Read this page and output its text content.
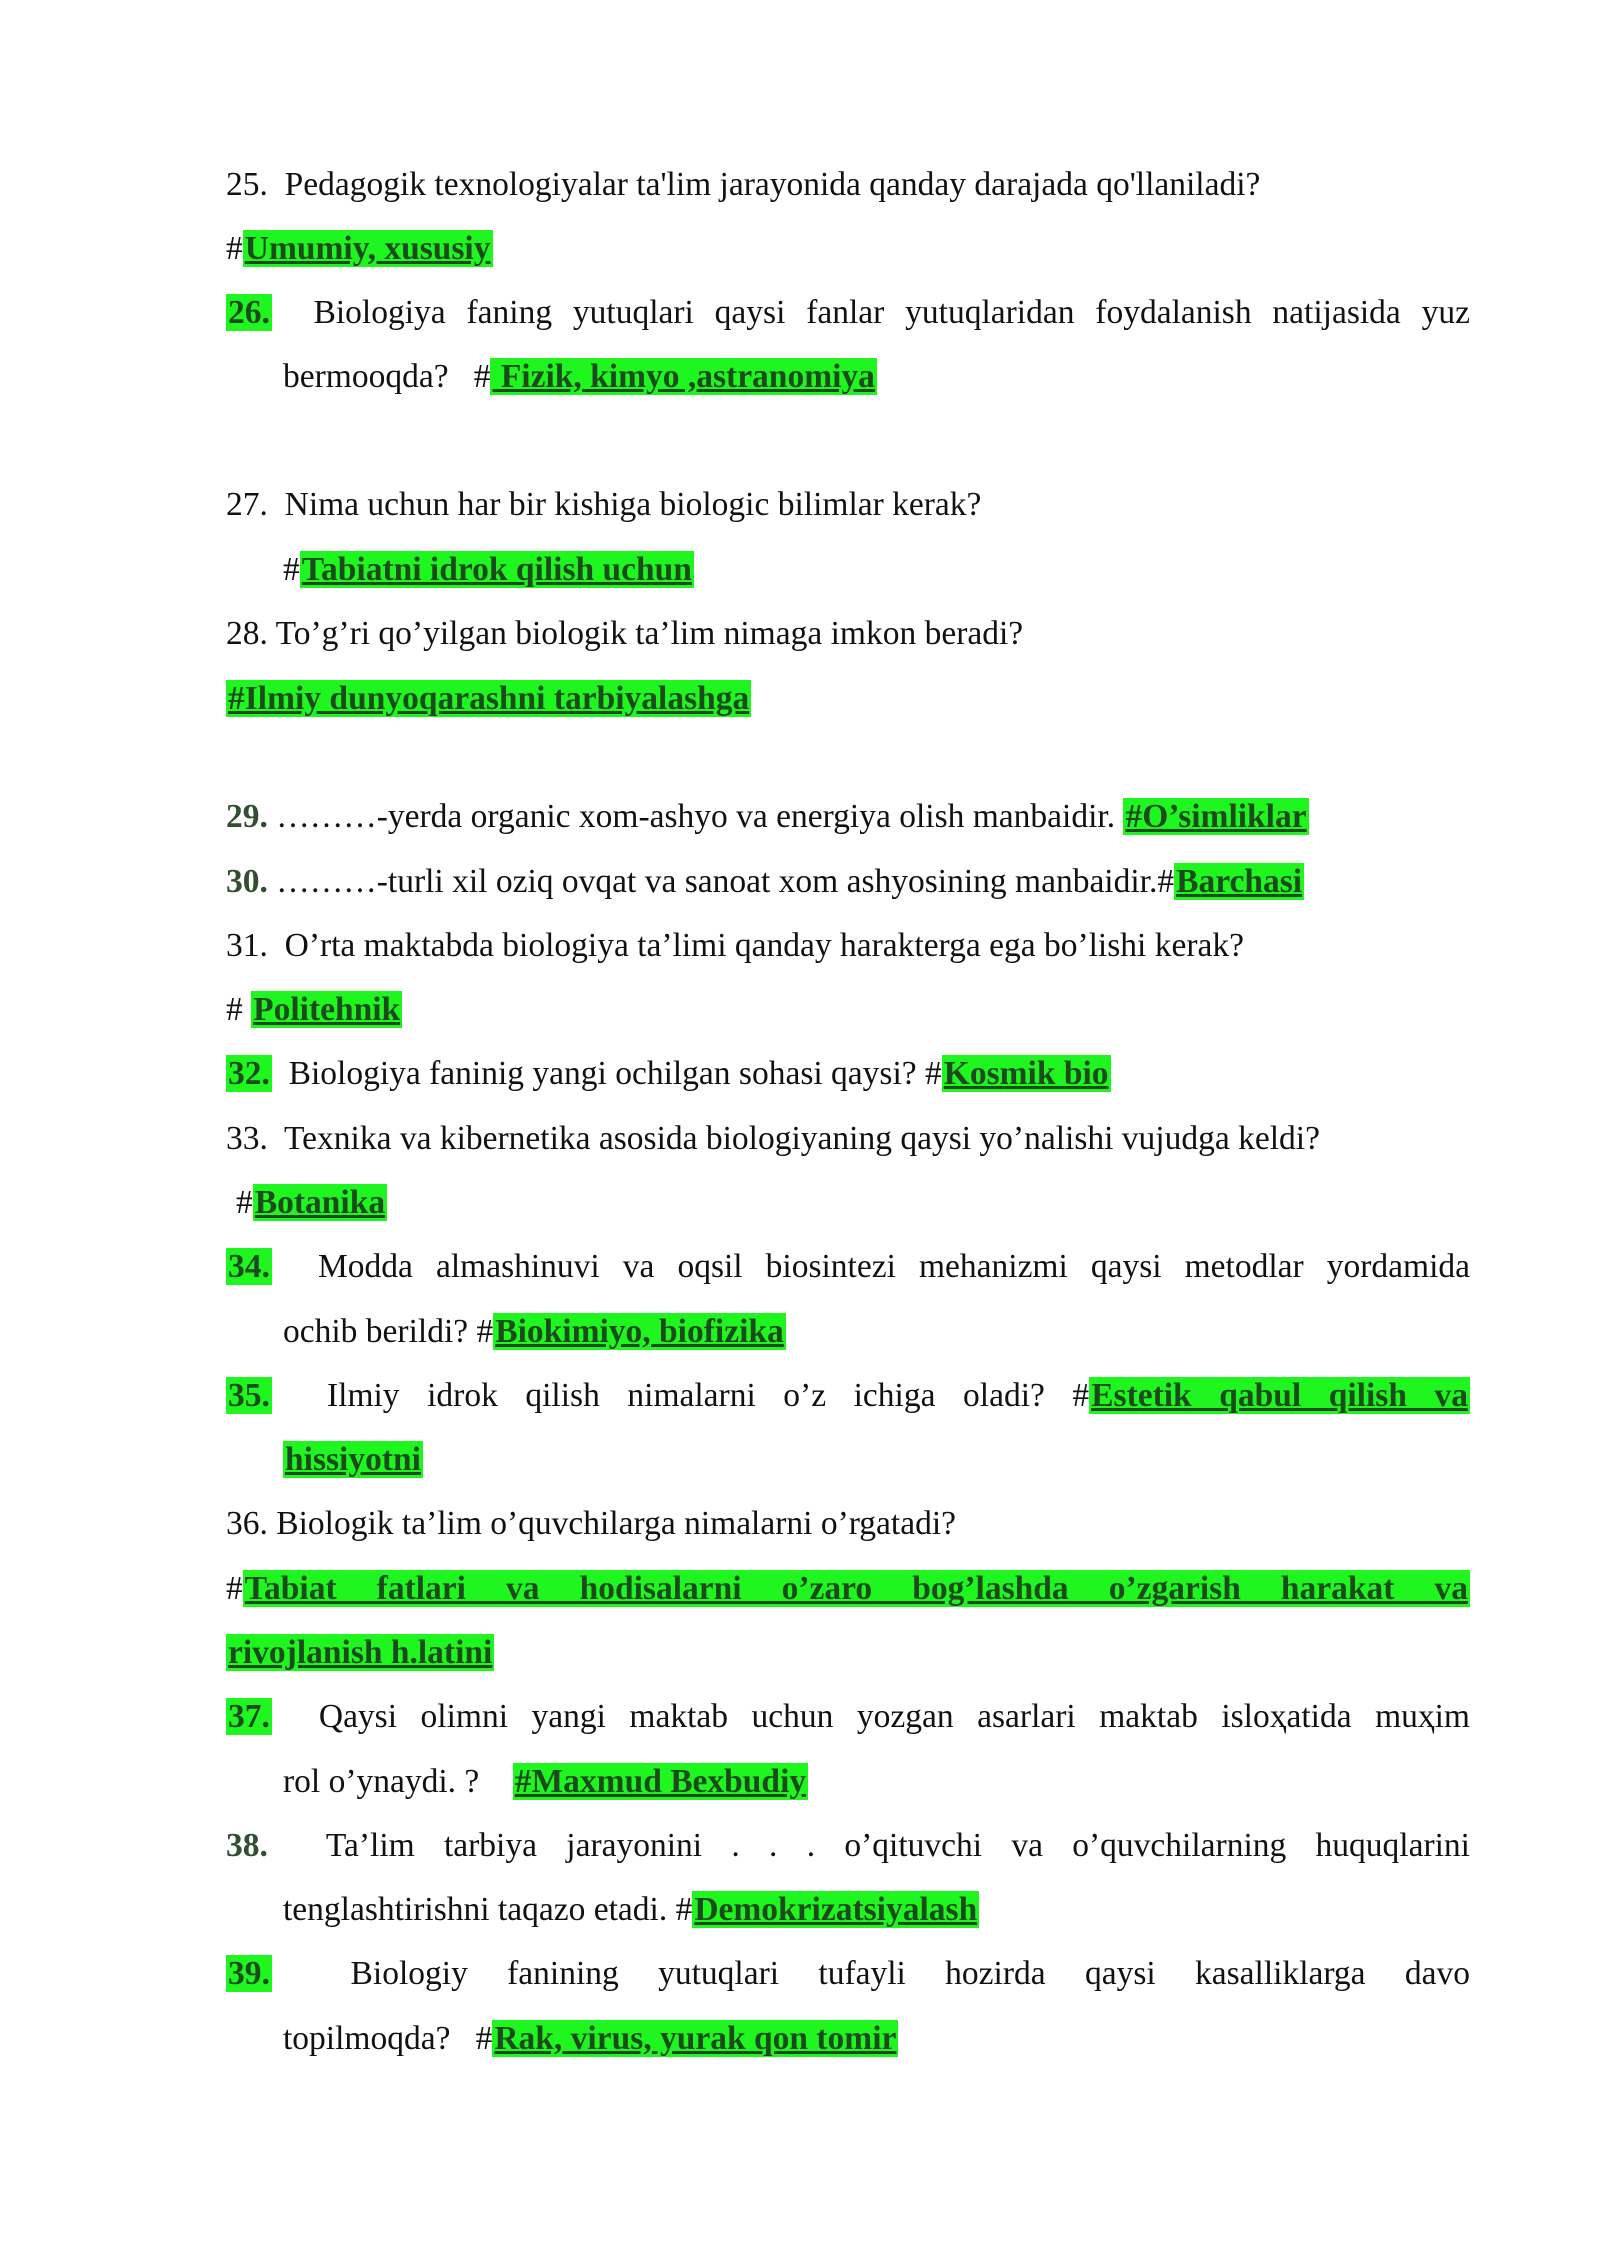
25. Pedagogik texnologiyalar ta'lim jarayonida qanday darajada qo'llaniladi?
#Umumiy, xususiy
26. Biologiya faning yutuqlari qaysi fanlar yutuqlaridan foydalanish natijasida yuz
bermooqda? # Fizik, kimyo ,astranomiya
27. Nima uchun har bir kishiga biologic bilimlar kerak?
#Tabiatni idrok qilish uchun
28. To’g’ri qo’yilgan biologik ta’lim nimaga imkon beradi?
#Ilmiy dunyoqarashni tarbiyalashga
29. ………-yerda organic xom-ashyo va energiya olish manbaidir. #O’simliklar
30. ………-turli xil oziq ovqat va sanoat xom ashyosining manbaidir.#Barchasi
31. O’rta maktabda biologiya ta’limi qanday harakterga ega bo’lishi kerak?
# Politehnik
32. Biologiya faninig yangi ochilgan sohasi qaysi? #Kosmik bio
33. Texnika va kibernetika asosida biologiyaning qaysi yo’nalishi vujudga keldi?
#Botanika
34. Modda almashinuvi va oqsil biosintezi mehanizmi qaysi metodlar yordamida
ochib berildi? #Biokimiyo, biofizika
35. Ilmiy idrok qilish nimalarni o’z ichiga oladi? #Estetik qabul qilish va
hissiyotni
36. Biologik ta’lim o’quvchilarga nimalarni o’rgatadi?
#Tabiat fatlari va hodisalarni o’zaro bog’lashda o’zgarish harakat va
rivojlanish h.latini
37. Qaysi olimni yangi maktab uchun yozgan asarlari maktab isloҳatida muҳim
rol o’ynaydi. ? #Maxmud Bexbudiy
38. Ta’lim tarbiya jarayonini . . . o’qituvchi va o’quvchilarning huquqlarini
tenglashtirishni taqazo etadi. #Demokrizatsiyalash
39. Biologiy fanining yutuqlari tufayli hozirda qaysi kasalliklarga davo
topilmoqda? #Rak, virus, yurak qon tomir
